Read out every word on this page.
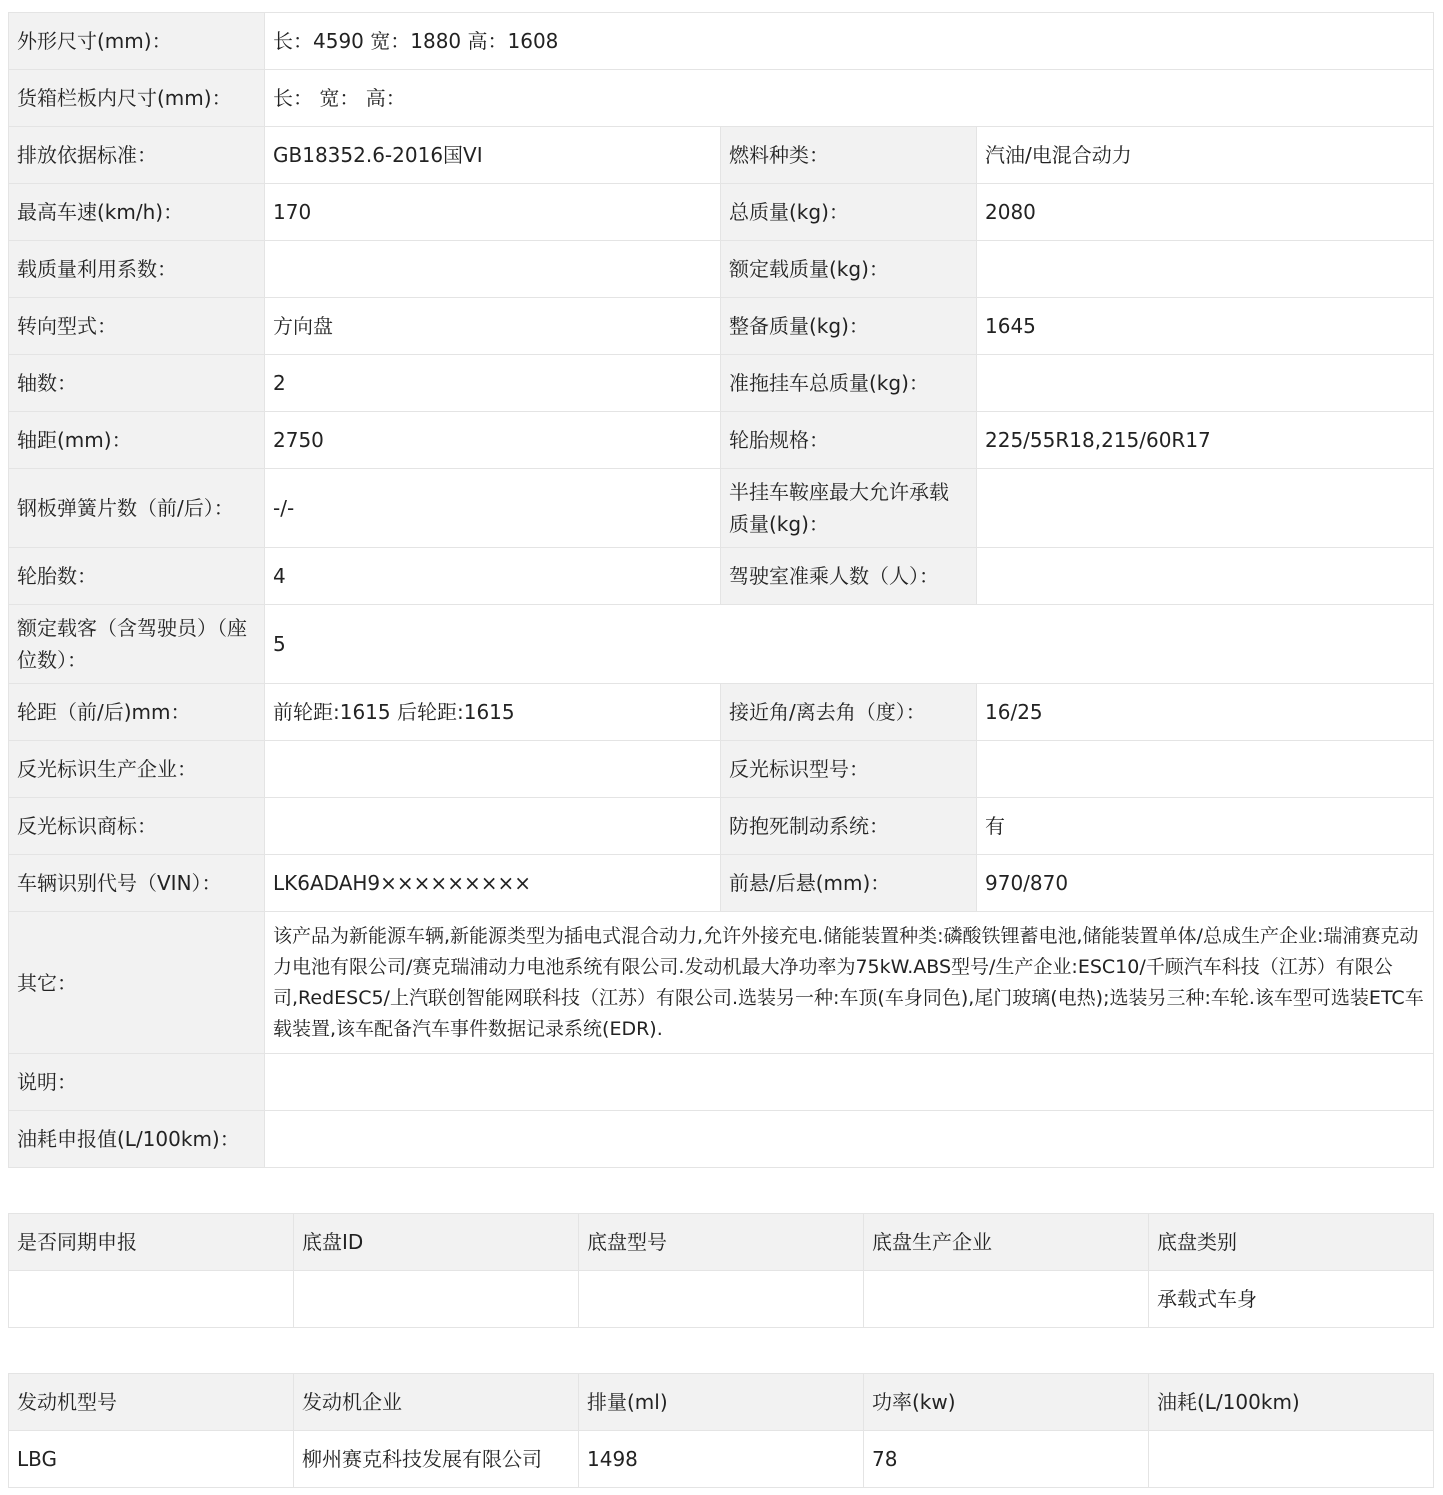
外形尺寸(mm)：	长：4590 宽：1880 高：1608		
货箱栏板内尺寸(mm)：	长： 宽： 高：		
排放依据标准：	GB18352.6-2016国VI	燃料种类：	汽油/电混合动力
最高车速(km/h)：	170	总质量(kg)：	2080
载质量利用系数：		额定载质量(kg)：	
转向型式：	方向盘	整备质量(kg)：	1645
轴数：	2	准拖挂车总质量(kg)：	
轴距(mm)：	2750	轮胎规格：	225/55R18,215/60R17
钢板弹簧片数（前/后）：	-/-	半挂车鞍座最大允许承载质量(kg)：	
轮胎数：	4	驾驶室准乘人数（人）：	
额定载客（含驾驶员）（座位数）：	5		
轮距（前/后)mm：	前轮距:1615 后轮距:1615	接近角/离去角（度）：	16/25
反光标识生产企业：		反光标识型号：	
反光标识商标：		防抱死制动系统：	有
车辆识别代号（VIN）：	LK6ADAH9×××××××××	前悬/后悬(mm)：	970/870
其它：	该产品为新能源车辆,新能源类型为插电式混合动力,允许外接充电.储能装置种类:磷酸铁锂蓄电池,储能装置单体/总成生产企业:瑞浦赛克动力电池有限公司/赛克瑞浦动力电池系统有限公司.发动机最大净功率为75kW.ABS型号/生产企业:ESC10/千顾汽车科技（江苏）有限公司,RedESC5/上汽联创智能网联科技（江苏）有限公司.选装另一种:车顶(车身同色),尾门玻璃(电热);选装另三种:车轮.该车型可选装ETC车载装置,该车配备汽车事件数据记录系统(EDR).		
说明：			
油耗申报值(L/100km)：			
是否同期申报	底盘ID	底盘型号	底盘生产企业	底盘类别
				承载式车身
发动机型号	发动机企业	排量(ml)	功率(kw)	油耗(L/100km)
LBG	柳州赛克科技发展有限公司	1498	78	
